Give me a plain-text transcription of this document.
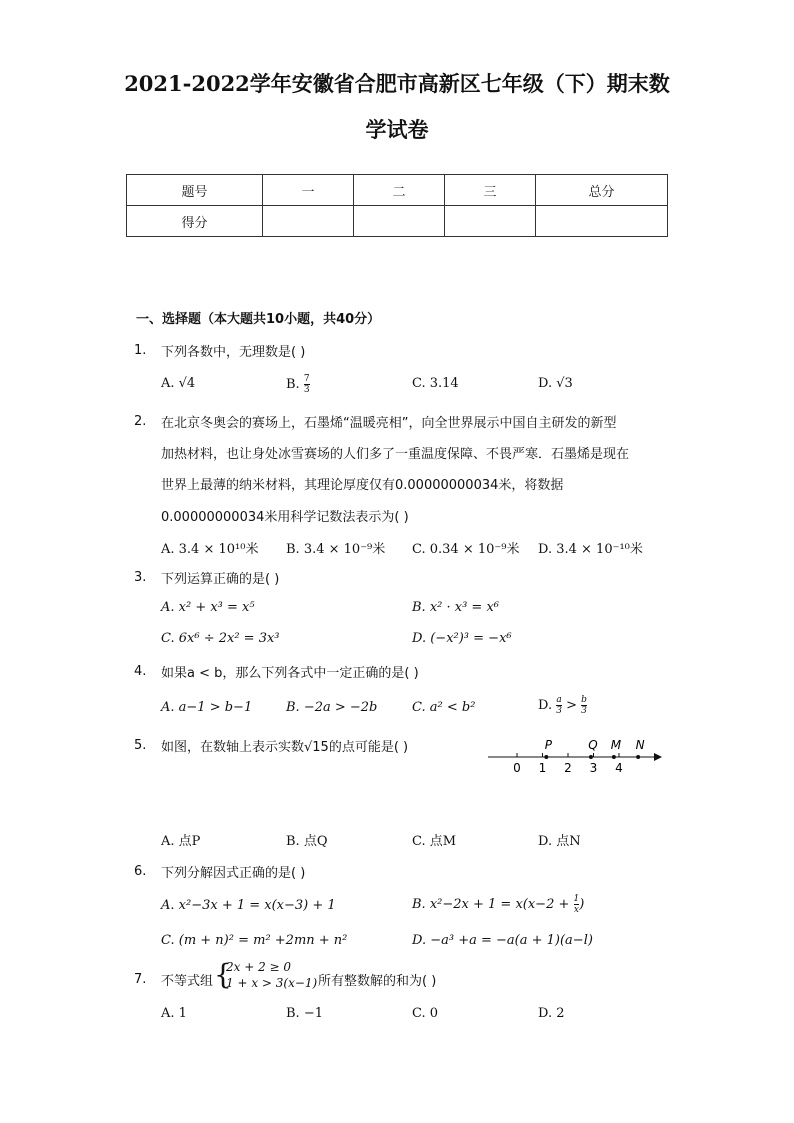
2021-2022学年安徽省合肥市高新区七年级（下）期末数
学试卷
题号	一	二	三	总分
得分				
一、选择题（本大题共10小题，共40分）
1. 下列各数中，无理数是( )
A. √4	B. $\frac{7}{3}$	C. 3.14	D. √3
2. 在北京冬奥会的赛场上，石墨烯“温暖亮相”，向全世界展示中国自主研发的新型
加热材料，也让身处冰雪赛场的人们多了一重温度保障、不畏严寒．石墨烯是现在
世界上最薄的纳米材料，其理论厚度仅有0.00000000034米，将数据
0.00000000034米用科学记数法表示为( )
A. 3.4 × 10¹⁰米 B. 3.4 × 10⁻⁹米 C. 0.34 × 10⁻⁹米 D. 3.4 × 10⁻¹⁰米
3. 下列运算正确的是( )
A. x² + x³ = x⁵	B. x² · x³ = x⁶
C. 6x⁶ ÷ 2x² = 3x³	D. (−x²)³ = −x⁶
4. 如果a < b，那么下列各式中一定正确的是( )
A. a−1 > b−1	B. −2a > −2b	C. a² < b²	D. $\frac{a}{3} > \frac{b}{3}$
5. 如图，在数轴上表示实数√15的点可能是( )
0 1 2 3 4
P	Q M N
A. 点P	B. 点Q	C. 点M	D. 点N
6. 下列分解因式正确的是( )
A. x²−3x + 1 = x(x−3) + 1	B. $x^2-2x + 1 = x(x-2 + \frac{1}{x}$ )
C. (m + n)² = m² +2mn + n²	D. −a³ +a = −a(a + 1)(a−l)
7. 不等式组 {
2x + 2 ≥ 0
1 + x > 3(x−1) 所有整数解的和为( )
A. 1	B. −1	C. 0	D. 2
